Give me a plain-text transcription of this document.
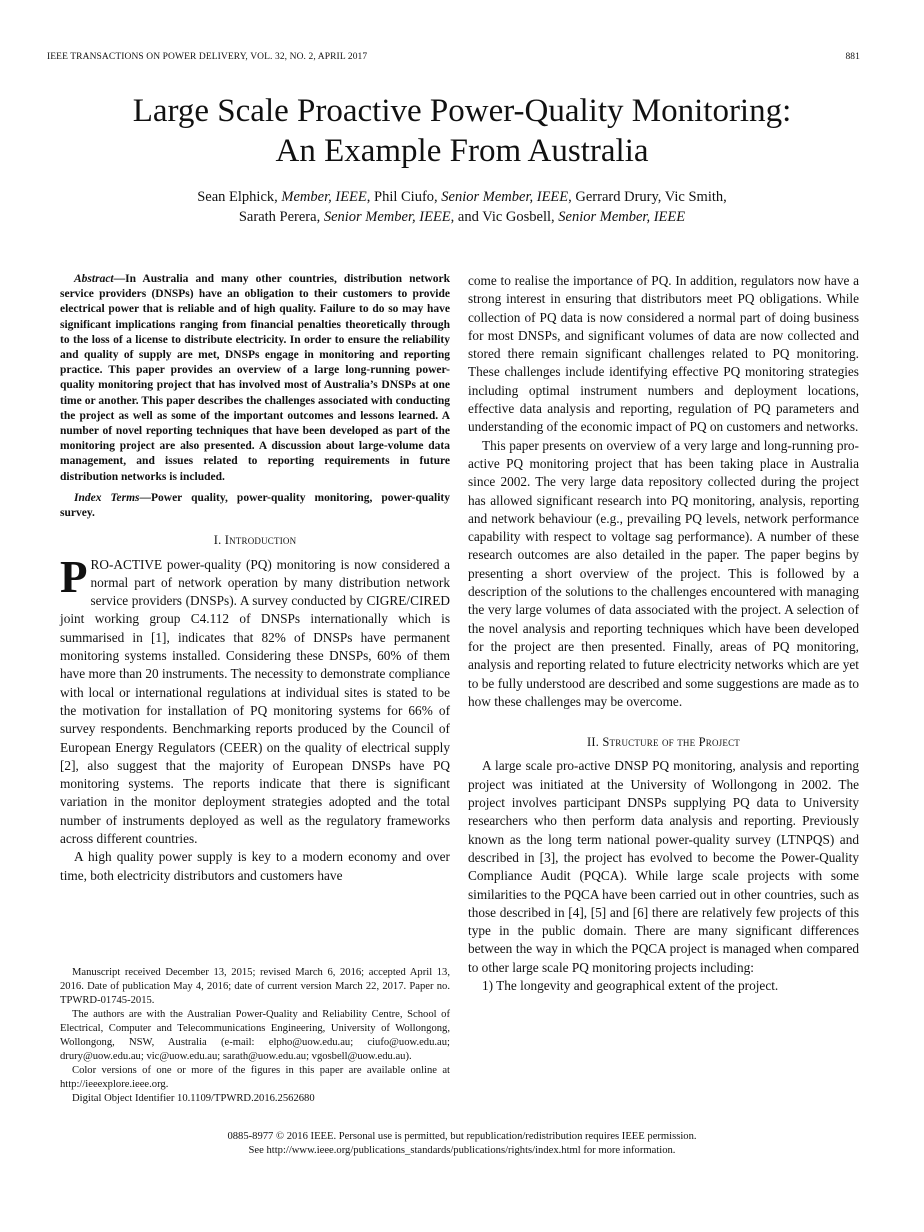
IEEE TRANSACTIONS ON POWER DELIVERY, VOL. 32, NO. 2, APRIL 2017	881
Large Scale Proactive Power-Quality Monitoring:
An Example From Australia
Sean Elphick, Member, IEEE, Phil Ciufo, Senior Member, IEEE, Gerrard Drury, Vic Smith,
Sarath Perera, Senior Member, IEEE, and Vic Gosbell, Senior Member, IEEE

Abstract—In Australia and many other countries, distribution network service providers (DNSPs) have an obligation to their customers to provide electrical power that is reliable and of high quality. Failure to do so may have significant implications ranging from financial penalties theoretically through to the loss of a license to distribute electricity. In order to ensure the reliability and quality of supply are met, DNSPs engage in monitoring and reporting practice. This paper provides an overview of a large long-running power-quality monitoring project that has involved most of Australia’s DNSPs at one time or another. This paper describes the challenges associated with conducting the project as well as some of the important outcomes and lessons learned. A number of novel reporting techniques that have been developed as part of the monitoring project are also presented. A discussion about large-volume data management, and issues related to reporting requirements in future distribution networks is included.

Index Terms—Power quality, power-quality monitoring, power-quality survey.

I. Introduction

PRO-ACTIVE power-quality (PQ) monitoring is now considered a normal part of network operation by many distribution network service providers (DNSPs). A survey conducted by CIGRE/CIRED joint working group C4.112 of DNSPs internationally which is summarised in [1], indicates that 82% of DNSPs have permanent monitoring systems installed. Considering these DNSPs, 60% of them have more than 20 instruments. The necessity to demonstrate compliance with local or international regulations at individual sites is stated to be the motivation for installation of PQ monitoring systems for 66% of survey respondents. Benchmarking reports produced by the Council of European Energy Regulators (CEER) on the quality of electrical supply [2], also suggest that the majority of European DNSPs have PQ monitoring systems. The reports indicate that there is significant variation in the monitor deployment strategies adopted and the total number of instruments deployed as well as the regulatory frameworks across different countries.

A high quality power supply is key to a modern economy and over time, both electricity distributors and customers have

Manuscript received December 13, 2015; revised March 6, 2016; accepted April 13, 2016. Date of publication May 4, 2016; date of current version March 22, 2017. Paper no. TPWRD-01745-2015.

The authors are with the Australian Power-Quality and Reliability Centre, School of Electrical, Computer and Telecommunications Engineering, University of Wollongong, Wollongong, NSW, Australia (e-mail: elpho@uow.edu.au; ciufo@uow.edu.au; drury@uow.edu.au; vic@uow.edu.au; sarath@uow.edu.au; vgosbell@uow.edu.au).

Color versions of one or more of the figures in this paper are available online at http://ieeexplore.ieee.org.

Digital Object Identifier 10.1109/TPWRD.2016.2562680

come to realise the importance of PQ. In addition, regulators now have a strong interest in ensuring that distributors meet PQ obligations. While collection of PQ data is now considered a normal part of doing business for most DNSPs, and significant volumes of data are now collected and stored there remain significant challenges related to PQ monitoring. These challenges include identifying effective PQ monitoring strategies including optimal instrument numbers and deployment locations, effective data analysis and reporting, regulation of PQ parameters and understanding of the economic impact of PQ on customers and networks.

This paper presents on overview of a very large and long-running pro-active PQ monitoring project that has been taking place in Australia since 2002. The very large data repository collected during the project has allowed significant research into PQ monitoring, analysis, reporting and network behaviour (e.g., prevailing PQ levels, network performance capability with respect to voltage sag performance). A number of these research outcomes are also detailed in the paper. The paper begins by presenting a short overview of the project. This is followed by a description of the solutions to the challenges encountered with managing the very large volumes of data associated with the project. A selection of the novel analysis and reporting techniques which have been developed for the project are then presented. Finally, areas of PQ monitoring, analysis and reporting related to future electricity networks which are yet to be fully understood are described and some suggestions are made as to how these challenges may be overcome.

II. Structure of the Project

A large scale pro-active DNSP PQ monitoring, analysis and reporting project was initiated at the University of Wollongong in 2002. The project involves participant DNSPs supplying PQ data to University researchers who then perform data analysis and reporting. Previously known as the long term national power-quality survey (LTNPQS) and described in [3], the project has evolved to become the Power-Quality Compliance Audit (PQCA). While large scale projects with some similarities to the PQCA have been carried out in other countries, such as those described in [4], [5] and [6] there are relatively few projects of this type in the public domain. There are many significant differences between the way in which the PQCA project is managed when compared to other large scale PQ monitoring projects including:

1) The longevity and geographical extent of the project.

0885-8977 © 2016 IEEE. Personal use is permitted, but republication/redistribution requires IEEE permission.
See http://www.ieee.org/publications_standards/publications/rights/index.html for more information.
